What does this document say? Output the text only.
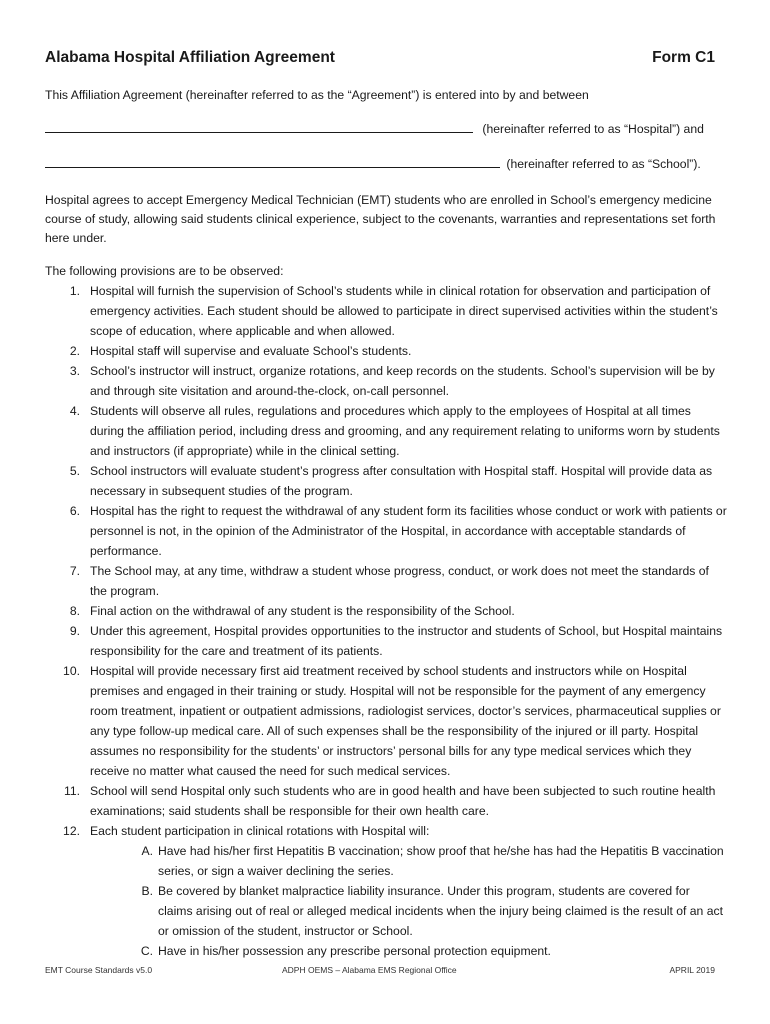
Alabama Hospital Affiliation Agreement	Form C1
This Affiliation Agreement (hereinafter referred to as the “Agreement”) is entered into by and between
(hereinafter referred to as “Hospital”) and
(hereinafter referred to as “School”).

Hospital agrees to accept Emergency Medical Technician (EMT) students who are enrolled in School’s emergency medicine course of study, allowing said students clinical experience, subject to the covenants, warranties and representations set forth here under.

The following provisions are to be observed:

1. Hospital will furnish the supervision of School’s students while in clinical rotation for observation and participation of emergency activities. Each student should be allowed to participate in direct supervised activities within the student’s scope of education, where applicable and when allowed.
2. Hospital staff will supervise and evaluate School’s students.
3. School’s instructor will instruct, organize rotations, and keep records on the students. School’s supervision will be by and through site visitation and around-the-clock, on-call personnel.
4. Students will observe all rules, regulations and procedures which apply to the employees of Hospital at all times during the affiliation period, including dress and grooming, and any requirement relating to uniforms worn by students and instructors (if appropriate) while in the clinical setting.
5. School instructors will evaluate student’s progress after consultation with Hospital staff. Hospital will provide data as necessary in subsequent studies of the program.
6. Hospital has the right to request the withdrawal of any student form its facilities whose conduct or work with patients or personnel is not, in the opinion of the Administrator of the Hospital, in accordance with acceptable standards of performance.
7. The School may, at any time, withdraw a student whose progress, conduct, or work does not meet the standards of the program.
8. Final action on the withdrawal of any student is the responsibility of the School.
9. Under this agreement, Hospital provides opportunities to the instructor and students of School, but Hospital maintains responsibility for the care and treatment of its patients.
10. Hospital will provide necessary first aid treatment received by school students and instructors while on Hospital premises and engaged in their training or study. Hospital will not be responsible for the payment of any emergency room treatment, inpatient or outpatient admissions, radiologist services, doctor’s services, pharmaceutical supplies or any type follow-up medical care. All of such expenses shall be the responsibility of the injured or ill party. Hospital assumes no responsibility for the students’ or instructors’ personal bills for any type medical services which they receive no matter what caused the need for such medical services.
11. School will send Hospital only such students who are in good health and have been subjected to such routine health examinations; said students shall be responsible for their own health care.
12. Each student participation in clinical rotations with Hospital will:
A. Have had his/her first Hepatitis B vaccination; show proof that he/she has had the Hepatitis B vaccination series, or sign a waiver declining the series.
B. Be covered by blanket malpractice liability insurance. Under this program, students are covered for claims arising out of real or alleged medical incidents when the injury being claimed is the result of an act or omission of the student, instructor or School.
C. Have in his/her possession any prescribe personal protection equipment.
EMT Course Standards v5.0	ADPH OEMS – Alabama EMS Regional Office	APRIL 2019
